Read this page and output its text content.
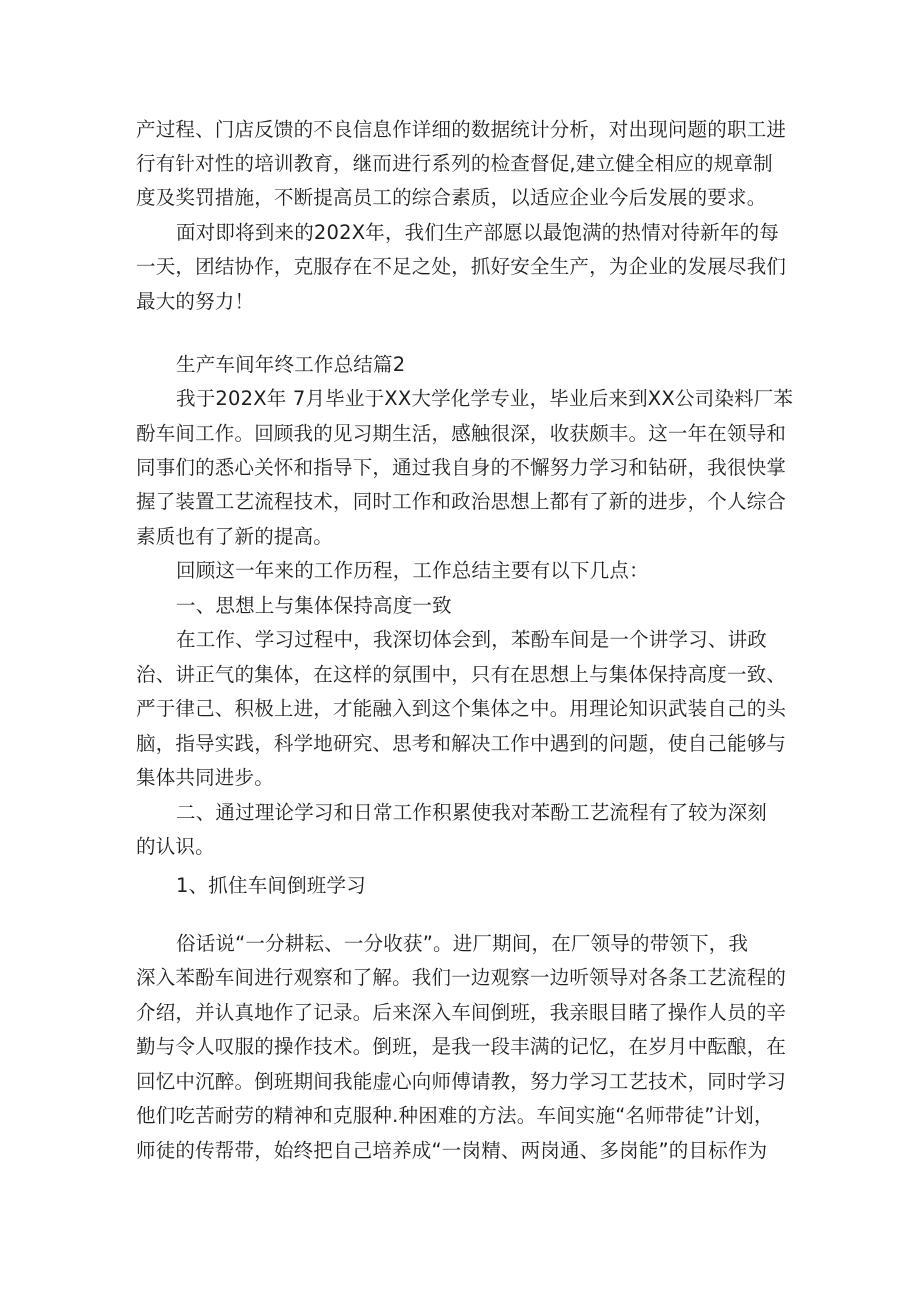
产过程、门店反馈的不良信息作详细的数据统计分析，对出现问题的职工进
行有针对性的培训教育，继而进行系列的检查督促,建立健全相应的规章制
度及奖罚措施，不断提高员工的综合素质，以适应企业今后发展的要求。
面对即将到来的202X年，我们生产部愿以最饱满的热情对待新年的每
一天，团结协作，克服存在不足之处，抓好安全生产，为企业的发展尽我们
最大的努力！
生产车间年终工作总结篇2
我于202X年 7月毕业于XX大学化学专业，毕业后来到XX公司染料厂苯
酚车间工作。回顾我的见习期生活，感触很深，收获颇丰。这一年在领导和
同事们的悉心关怀和指导下，通过我自身的不懈努力学习和钻研，我很快掌
握了装置工艺流程技术，同时工作和政治思想上都有了新的进步，个人综合
素质也有了新的提高。
回顾这一年来的工作历程，工作总结主要有以下几点：
一、思想上与集体保持高度一致
在工作、学习过程中，我深切体会到，苯酚车间是一个讲学习、讲政
治、讲正气的集体，在这样的氛围中，只有在思想上与集体保持高度一致、
严于律己、积极上进，才能融入到这个集体之中。用理论知识武装自己的头
脑，指导实践，科学地研究、思考和解决工作中遇到的问题，使自己能够与
集体共同进步。
二、通过理论学习和日常工作积累使我对苯酚工艺流程有了较为深刻
的认识。
1、抓住车间倒班学习
俗话说“一分耕耘、一分收获”。进厂期间，在厂领导的带领下，我
深入苯酚车间进行观察和了解。我们一边观察一边听领导对各条工艺流程的
介绍，并认真地作了记录。后来深入车间倒班，我亲眼目睹了操作人员的辛
勤与令人叹服的操作技术。倒班，是我一段丰满的记忆，在岁月中酝酿，在
回忆中沉醉。倒班期间我能虚心向师傅请教，努力学习工艺技术，同时学习
他们吃苦耐劳的精神和克服种.种困难的方法。车间实施“名师带徒”计划，
师徒的传帮带，始终把自己培养成“一岗精、两岗通、多岗能”的目标作为
